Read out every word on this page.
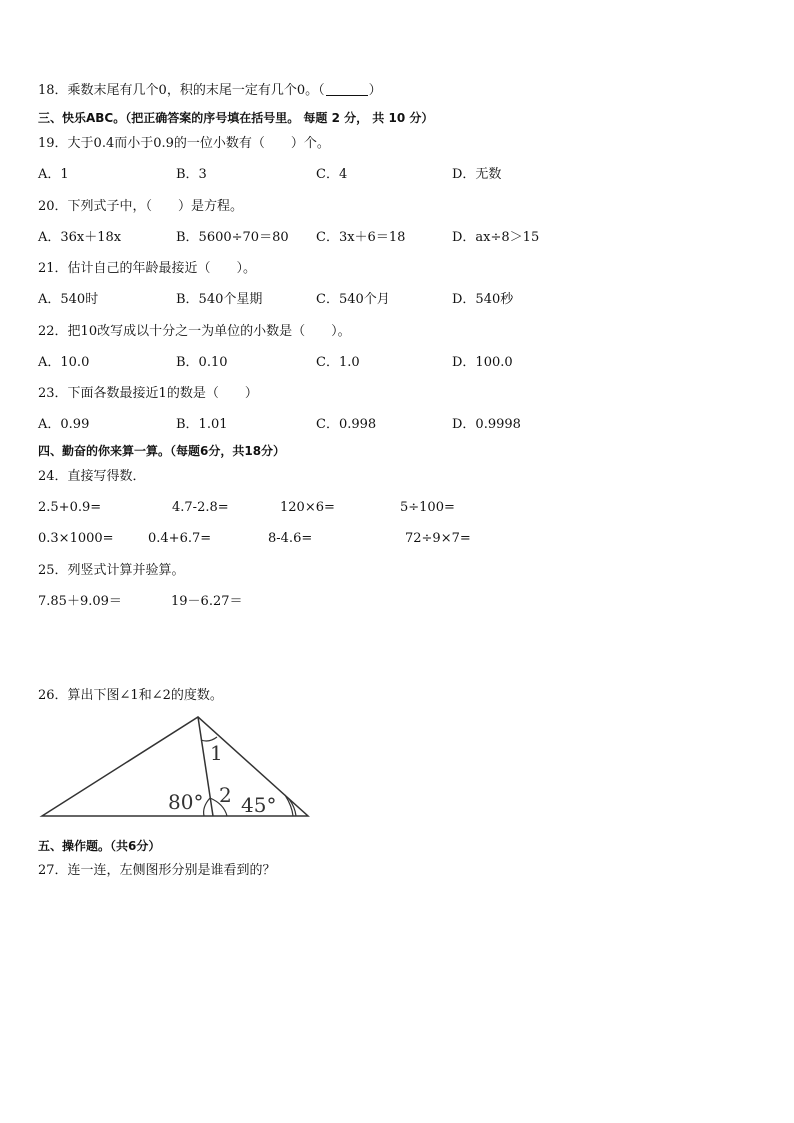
18．乘数末尾有几个0，积的末尾一定有几个0。（	）
三、快乐ABC。（把正确答案的序号填在括号里。 每题 2 分， 共 10 分）
19．大于0.4而小于0.9的一位小数有（　　）个。
A．1	B．3	C．4	D．无数
20．下列式子中，（　　）是方程。
A．36x＋18x	B．5600÷70＝80 C．3x＋6＝18	D．ax÷8＞15
21．估计自己的年龄最接近（　　）。
A．540时	B．540个星期	C．540个月	D．540秒
22．把10改写成以十分之一为单位的小数是（　　）。
A．10.0	B．0.10	C．1.0	D．100.0
23．下面各数最接近1的数是（　　）
A．0.99	B．1.01	C．0.998	D．0.9998
四、勤奋的你来算一算。（每题6分，共18分）
24．直接写得数．
2.5+0.9=	4.7-2.8=	120×6=	5÷100=
0.3×1000=	0.4+6.7=	8-4.6=	72÷9×7=
25．列竖式计算并验算。
7.85＋9.09＝	19－6.27＝
26．算出下图∠1和∠2的度数。
1
80° 2 45°
五、操作题。（共6分）
27．连一连，左侧图形分别是谁看到的？
